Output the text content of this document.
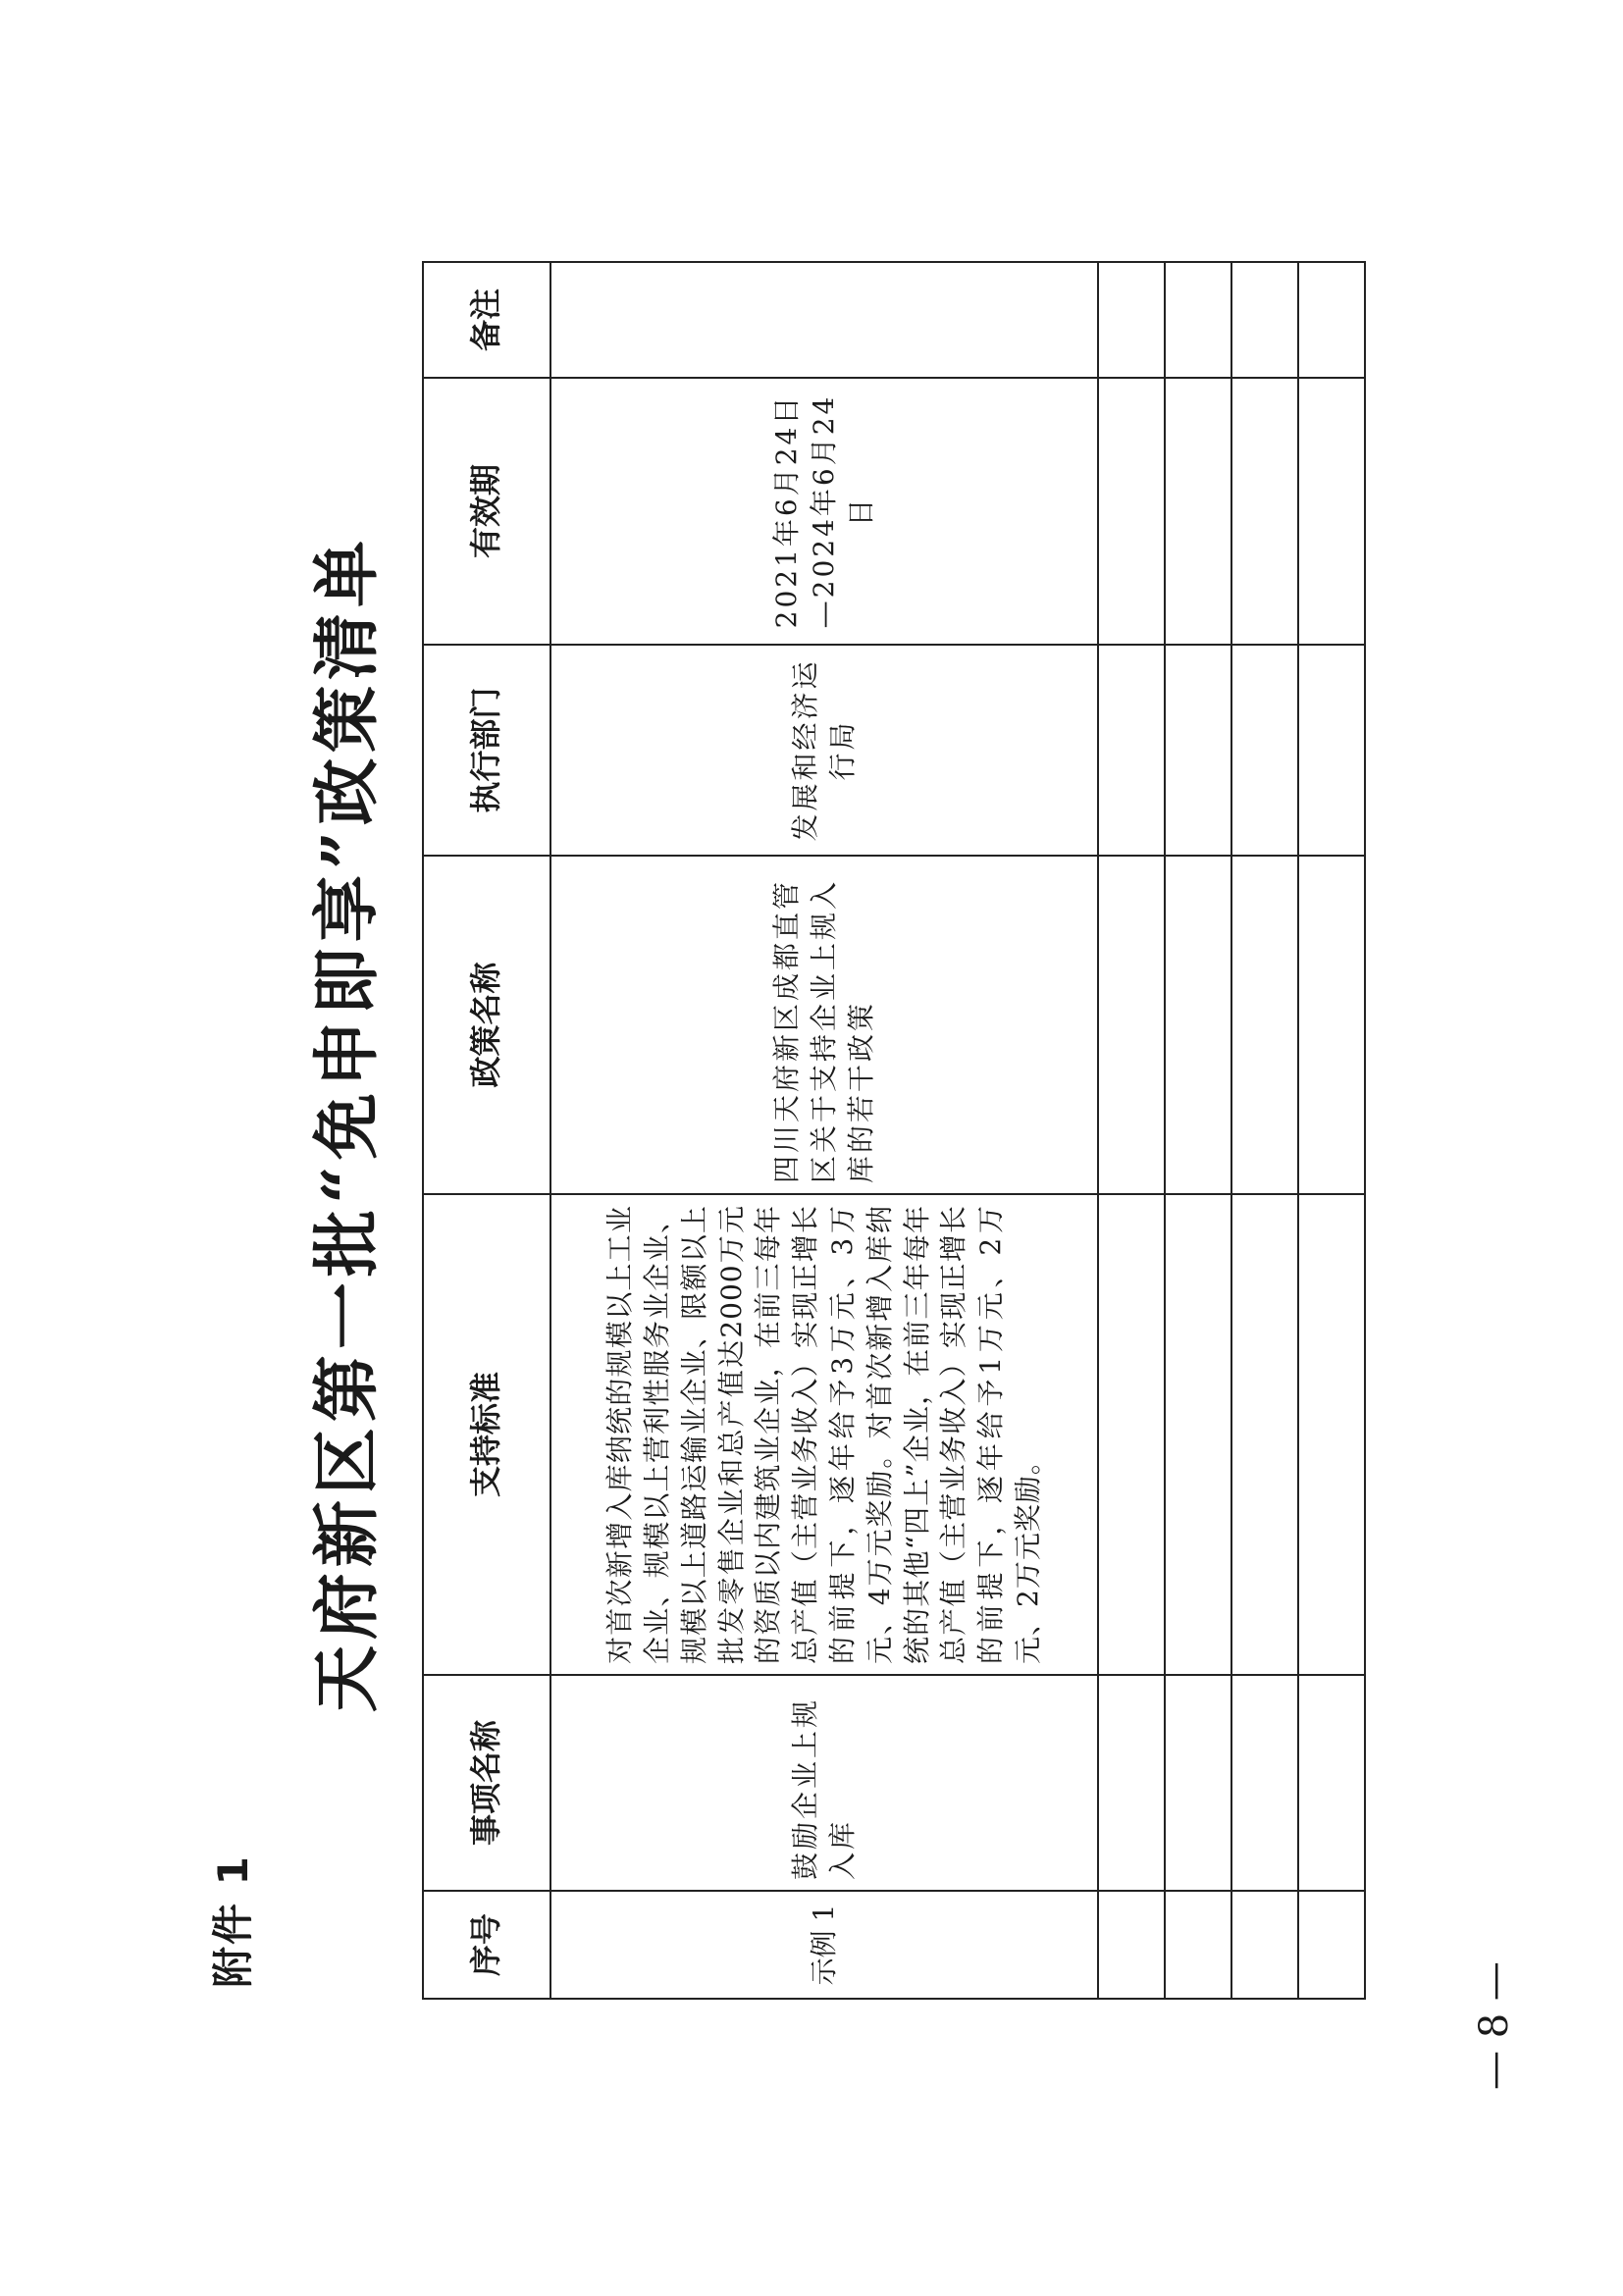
附件 1
天府新区第一批“免申即享”政策清单
序号	事项名称	支持标准	政策名称	执行部门	有效期	备注
示例 1	鼓励企业上规入库	对首次新增入库纳统的规模以上工业企业、规模以上营利性服务业企业、规模以上道路运输业企业、限额以上批发零售企业和总产值达2000万元的资质以内建筑业企业，在前三每年总产值（主营业务收入）实现正增长的前提下，逐年给予3万元、3万元、4万元奖励。对首次新增入库纳统的其他“四上”企业，在前三年每年总产值（主营业务收入）实现正增长的前提下，逐年给予1万元、2万元、2万元奖励。	四川天府新区成都直管区关于支持企业上规入库的若干政策	发展和经济运行局	2021年6月24日—2024年6月24日	

— 8 —
